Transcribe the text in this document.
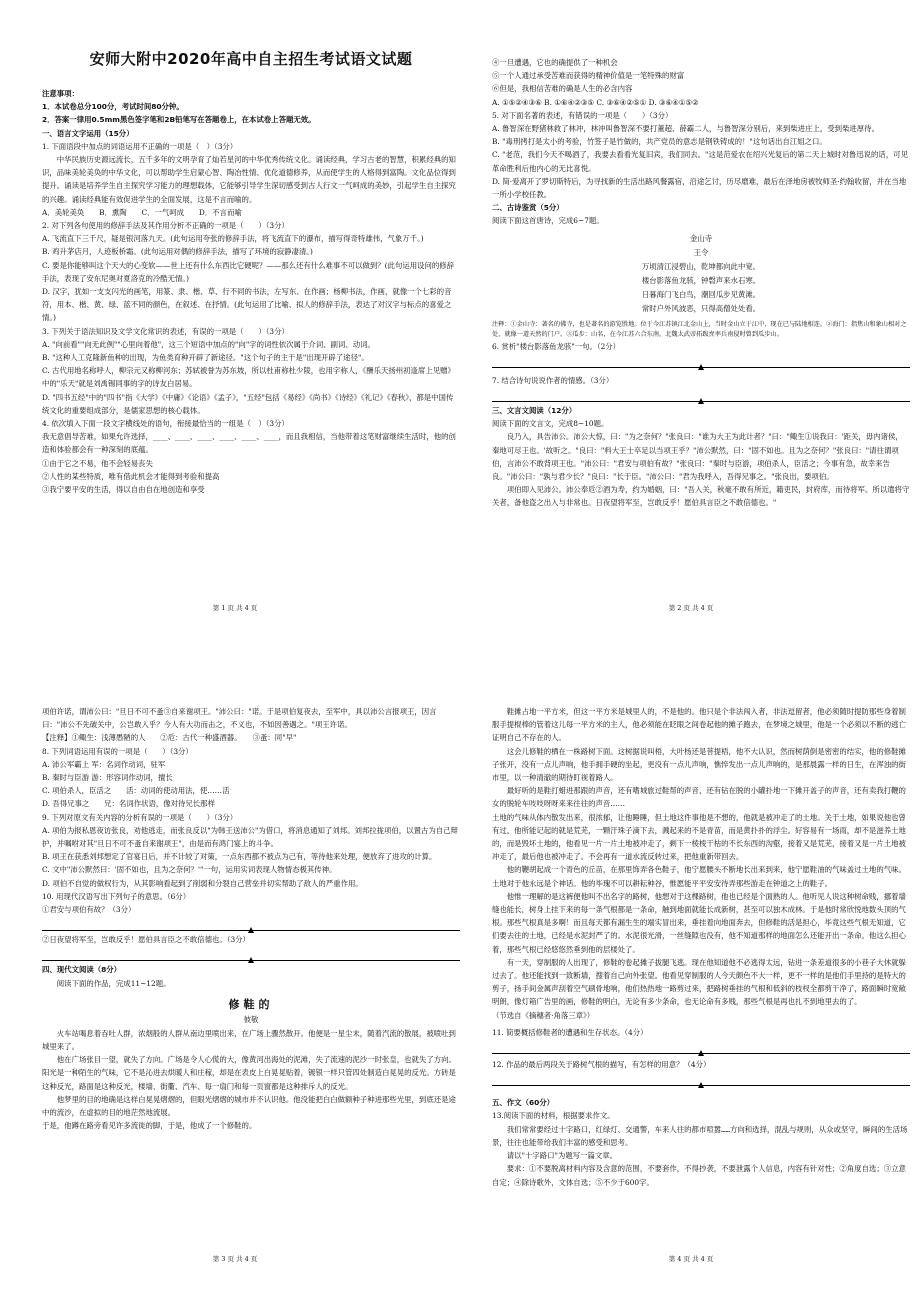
安师大附中2020年高中自主招生考试语文试题

注意事项：

1．本试卷总分100分，考试时间80分钟。

2．答案一律用0.5mm黑色签字笔和2B铅笔写在答题卷上，在本试卷上答题无效。

一、语言文字运用（15分）

1. 下面语段中加点的词语运用不正确的一项是（　）（3分）

　　中华民族历史源远流长，五千多年的文明孕育了灿若星河的中华优秀传统文化。诵读经典，学习古老的智慧，积累经典的知识，品味美轮美奂的中华文化，可以帮助学生启蒙心智、陶冶性情、优化道德修养，从而使学生的人格得到富陶。文化品位得到提升。诵读是培养学生自主探究学习能力的理想载体，它能够引导学生深切感受到古人行文一气呵成的美妙，引起学生自主探究的兴趣。诵读经典能有效促进学生的全面发展，这是不言而喻的。

A．美轮美奂　　B．熏陶　　C．一气呵成　　D．不言而喻

2. 对下列各句使用的修辞手法及其作用分析不正确的一项是（　　）（3分）

A. 飞流直下三千尺，疑是银河落九天。(此句运用夸张的修辞手法，将飞流直下的瀑布，描写得奇特雄伟，气象万千。)

B. 鸡升茅店月，人迹板桥霜。(此句运用对偶的修辞手法，描写了环境的寂静凄清。)

C. 要是你能够叫这个天大的心变软——世上还有什么东西比它硬呢？——那么还有什么难事不可以做到？(此句运用设问的修辞手法，表现了安东尼奥对夏洛克的冷酷无情。)

D. 汉字，犹如一支支闪光的画笔，用篆、隶、楷、草、行不同的书法，左写东、在作画；杨柳书法，作画，就像一个七彩的音符，用本、楷、黄、绿、蓝不同的颜色，在叙述、在抒情。(此句运用了比喻、拟人的修辞手法，表达了对汉字与标点的喜爱之情。)

3. 下列关于语法知识及文学文化常识的表述，有误的一项是（　　）（3分）

A. "向前看""向无此例""心里向着他"，这三个短语中加点的"向"字的词性依次属于介词、副词、动词。

B. "这种人工克隆新鱼种的出现，为鱼类育种开辟了新途径。"这个句子的主干是"出现开辟了途径"。

C. 古代用地名称呼人，柳宗元又称柳河东；苏轼被誉为苏东坡，所以杜甫称杜少陵，也用字称人，《酬乐天扬州初逢席上见赠》中的"乐天"就是刘禹锡同事的字的诗友白居易。

D. "四书五经"中的"四书"指《大学》《中庸》《论语》《孟子》，"五经"包括《易经》《尚书》《诗经》《礼记》《春秋》，都是中国传统文化的重要组成部分，是儒家思想的核心载体。

4. 依次填入下面一段文字横线处的语句，衔接最恰当的一组是（　）（3分）

我无意倡导苦难，如果允许选择，____、____、____、____、____、____，而且我相信，当他带着这笔财富继续生活时，他的创造和体验都会有一种深刻的底蕴。

①由于它之不易，他不会轻易丧失

②人性的某些特质，唯有借此机会才能得到考验和提高

③我宁要平安的生活，得以自由自在地创造和享受

④一旦遭遇，它也的确提供了一种机会

⑤一个人通过承受苦难而获得的精神价值是一笔特殊的财富

⑥但是，我相信苦难的确是人生的必含内容

A. ①⑤②④③⑥ B. ①⑥④②③⑤ C. ③⑥④②⑤① D. ③⑥④①⑤②

5. 对下面名著的表述，有错误的一项是（　　）（3分）

A. 鲁智深在野猪林救了林冲，林冲叫鲁智深不要打董超、薛霸二人，与鲁智深分别后，来到柴进庄上，受到柴进厚待。

B. "毒刑拷打是太小的考验，竹签子是竹做的，共产党员的意志是钢铁铸成的！"这句话出自江姐之口。

C. "老范，我们今天不喝酒了，我要去看看光复旧宾，我们同去。"这是范爱农在绍兴光复后的第二天上城时对鲁迅说的话，可见革命胜利后他内心的无比喜悦。

D. 简·爱离开了罗切斯特后，为寻找新的生活出路风餐露宿，沿途乞讨，历尽磨难，最后在泽地房被牧师圣·约翰收留，并在当地一所小学校任教。

二、古诗鉴赏（5分）

阅读下面这首唐诗，完成6~7题。

金山寺

王令

万顷清江浸碧山，乾坤都向此中宽。

楼台影落鱼龙骇，钟磬声来水石寒。

日暮海门飞白鸟，潮回瓜步见黄滩。

常时户外风波恶，只得高僧处处看。

注释：①金山寺：著名的佛寺，也是著名的游览胜地。位于今江苏镇江北金山上，当时金山立于江中，现在已与陆地相连。②海门：指焦山和象山相对之处，就像一道天然的门户。③瓜步：山名，在今江苏六合东南，北魏太武帝拓跋焘率兵南侵时曾到瓜步山。

6. 赏析"楼台影落鱼龙骇"一句。（2分）

7. 结合诗句说说作者的情感。（3分）

三、文言文阅读（12分）

阅读下面的文言文，完成8~10题。

　　良乃入，具告沛公。沛公大惊，曰："为之奈何？"张良曰："谁为大王为此计者？"曰："鲰生①说我曰：'距关，毋内诸侯，秦地可尽王也。'故听之。"良曰："料大王士卒足以当项王乎？"沛公默然，曰："固不如也。且为之奈何？"张良曰："请往谓项伯，言沛公不敢背项王也。"沛公曰："君安与项伯有故？"张良曰："秦时与臣游，项伯杀人，臣活之；今事有急，故幸来告良。"沛公曰："孰与君少长？"良曰："长于臣。"沛公曰："君为我呼入，吾得兄事之。"张良出，要项伯。

　　项伯即入见沛公。沛公奉卮②酒为寿，约为婚姻，曰："吾入关，秋毫不敢有所近，籍吏民，封府库，而待将军。所以遣将守关者，备他盗之出入与非常也。日夜望将军至，岂敢反乎！愿伯具言臣之不敢倍德也。"

项伯许诺，谓沛公曰："旦日不可不蚤③自来谢项王。"沛公曰："诺。于是项伯复夜去，至军中，具以沛公言报项王，因言曰："沛公不先破关中，公岂敢入乎？今人有大功而击之，不义也，不如因善遇之。"项王许诺。

【注释】①鲰生：浅薄愚陋的人　　②卮：古代一种盛酒器。　　③蚤：同"早"

8. 下列词语运用有误的一项是（　　）（3分）

A. 沛公军霸上 军：名词作动词，驻军

B. 秦时与臣游 游：形容词作动词，擅长

C. 项伯杀人，臣活之　　活：动词的使动用法，使……活

D. 吾得兄事之　　兄：名词作状语，像对待兄长那样

9. 下列对原文有关内容的分析有误的一项是（　　）（3分）

A. 项伯为报私恩夜访张良，劝他逃走，而张良反以"为韩王送沛公"为借口，将消息通知了刘邦。刘邦拉拢项伯，以置古为自己辩护，并嘱咐对其"旦日不可不蚤自来谢项王"，由是而有鸿门宴上的斗争。

B. 项王在获悉刘邦想定了官宴日后，并不计较了对策，一点东西都不被点为己有，等待他来处理，便放弃了进攻的计算。

C. 文中"沛公默然曰：'固不如也，且为之奈何？'"一句，运用实词表现人物情态极其传神。

D. 项伯不自觉的做权行为，从其影响看起到了削弱和分裂自己营垒并切实帮助了敌人的严重作用。

10. 用现代汉语写出下列句子的意思。（6分）

①君安与项伯有故？（3分）

②日夜望将军至，岂敢反乎！愿伯具言臣之不敢倍德也。（3分）

四、现代文阅读（8分）

　　阅读下面的作品，完成11~12题。

修鞋的
彼敬

　　火车站喝息着吞吐人群，浓烟般的人群从南边里喷出来，在广场上骤然散开。他便是一星尘末，随着汽流的散展，被喷吐到城里来了。

　　他在广场张目一望，就失了方向。广场是令人心慌的大，像黄河出海处的泥滩，失了流速的泥沙一时张皇，也就失了方向。阳光是一种陌生的气味，它不是沁进去烘暖人和庄稼，却是在表皮上白晃晃贴着，镀银一样只管四处制造白晃晃的反光。方砖是这种反光，路面是这种反光，楼墙、街衢、汽车、每一扇门和每一页窗都是这种排斥人的反光。

　　他梦里的目的地确是这样白晃晃熠熠的，但眼光熠熠的城市并不认识他。他没能把白白做额种子种进那些光里，到底还是途中的流沙，在虚拟的目的地茫然地流展。

于是，他蹲在路旁看见许多流徙的脚，于是，他成了一个修鞋的。

　　鞋摊占地一平方米，但这一平方米是城里人的，不是他的。他只是个非法闯入者，非法逗留者，他必须随时提防那些身着制服手提棍棒的管着这儿每一平方米的主人，他必须能在眨眼之间卷起他的摊子跑去，在梦境之城里，他是一个必须以不断的逃亡证明自己不存在的人。

　　这会儿修鞋的栖在一株路树下面。这树据说叫梧，大叶杨还是菩提梧，他不大认识，然而树荫倒是密密的结实，他的修鞋摊子张开，没有一点儿声响，他手拥手硬的坐起，更没有一点儿声响，憔悴发出一点儿声响的，是那晨露一样的日生，在浑浊的街市里，以一种清澈的期待盯视着路人。

　　最好听的是鞋打蜡进那跟的声音，还有嗜城旅过鞋帮的声音，还有钻在脱的小罐扑地一下摊开盖子的声音，还有卖我打鞭的女的脱轮车吱吱呀呀来来往往的声音……

土地的气味从体内散发出来，很浓郁，让他睡睡，但土地这件事他是不想的，他就是被冲走了的土地。关于土地，如果说他也曾有过，他所能记起的就是荒芜，一颗汗珠子滴下去，溅起来的不是青苗，而是黄扑扑的浮尘。好容易有一场雨，却不是滋养土地的，而是毁坏土地的，他看见一片一片土地被冲走了，剩下一棱棱干枯的不长东西的沟壑，接着又是荒芜，接着又是一片土地被冲走了，最后他也被冲走了。不会再有一道水流反转过来，把他重新带回去。

　　他的鞭胡起成一个青色的丘苗，在那里饰弄各色鞋子，他宁愿腰头不断地长出来到来，他宁愿鞋油的气味盖过土地的气味。土地对于他永远是个神话。他的毕瑰不可以耕耘种谷，惟愿能平平安安待弄那些游走在钟道之上的鞋子。

　　他惟一理解的是这裤便他叫不出名字的路树，他想对于这棵路树，他也已经是个面熟的人。他听见人说这种树命贱，挪着墙缝也能长，树身上挂下来的每一条气根都是一条命，触到地面就能长成新树，甚至可以独木成林。于是他时常欣悦地数头顶的气根。那些气根真是多啊！而且每天都有漏生生的端实冒出来，垂挂着向地面奔去，但修鞋的活是担心，毕竟这些气根无知道，它们要去往的土地，已经是水泥封严了的。水泥很光滑，一丝缝隙也没有，他不知道那样的地面怎么还能开出一条命。他这么担心着，那些气根已经悠悠然垂到他的层楼处了。

　　有一天，穿制服的人出现了，修鞋的卷起摊子拔腿飞逃。现在他知道他不必逃得太远，钻进一条差道很多的小巷子大休就躲过去了。他还能找到一致断墙，搜着自己向外张望。他看见穿制服的人今天颇色不大一样，更不一样的是他们手里持的是特大的剪子，扬手间金属声刮着空气刷骨地响，他们热热地一路剪过来，把路树垂挂的气根和低斜的枝杈全都剪干净了，路面瞬时宽敞明朗，像灯箱广告里的画，修鞋的明白，无论有多少条命，也无论命有多贱，那些气根是再也扎不到地里去的了。

（节选自《摘穗者·角落三章》）

11. 简要概括修鞋者的遭遇和生存状态。（4分）

12. 作品的最后两段关于路树气根的描写，有怎样的用意？（4分）

五、作文（60分）

13.阅读下面的材料，根据要求作文。

　　我们常常要经过十字路口，红绿灯、交通警，车来人往的都市喧嚣……方向和选择，混乱与规则，从众或坚守，瞬间的生活场景，往往也能带给我们丰富的感受和思考。

　　请以"十字路口"为题写一篇文章。

　　要求：①不要脱离材料内容及含意的范围，不要套作，不得抄袭，不要泄露个人信息，内容有针对性；②角度自选；③立意自定；④除诗歌外，文体自选；⑤不少于600字。

第 1 页 共 4 页	第 2 页 共 4 页
第 3 页 共 4 页	第 4 页 共 4 页
